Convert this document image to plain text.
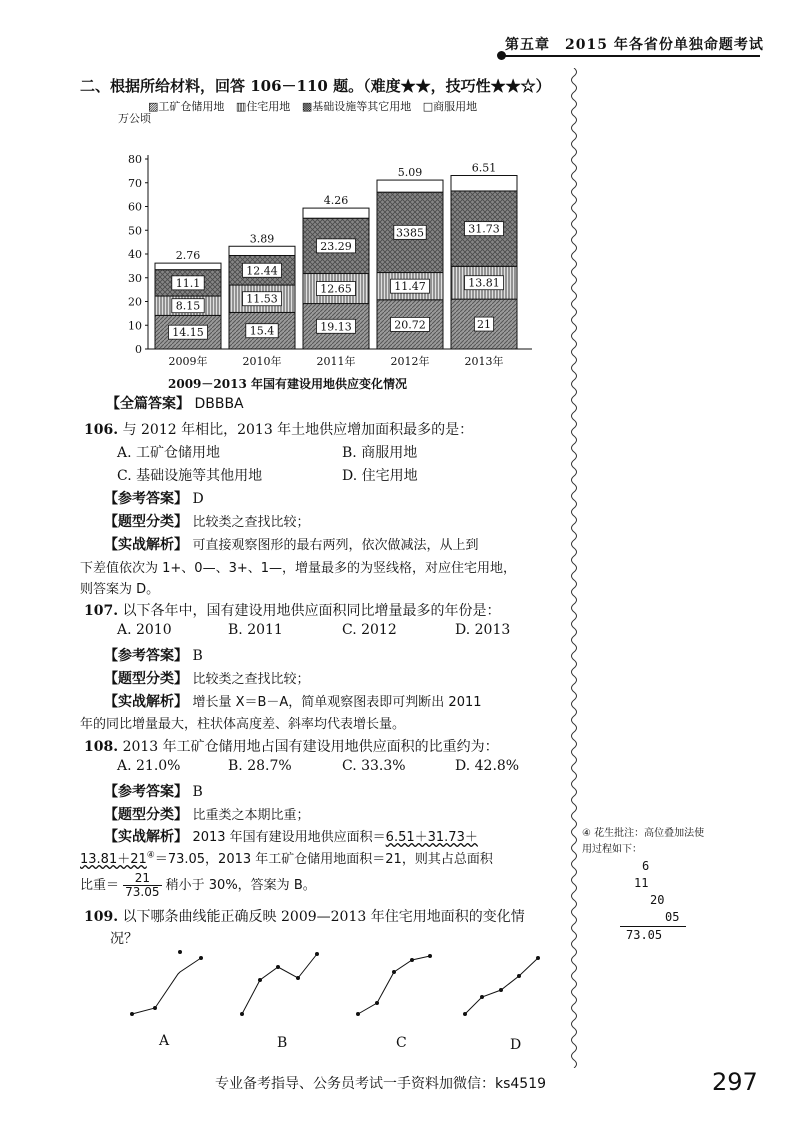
第五章　2015 年各省份单独命题考试
二、根据所给材料，回答 106－110 题。（难度★★，技巧性★★☆）
▨工矿仓储用地 ▥住宅用地 ▩基础设施等其它用地 □商服用地
万公顷
0
10
20
30
40
50
60
70
80
14.15
8.15
11.1
2.76
2009年
15.4
11.53
12.44
3.89
2010年
19.13
12.65
23.29
4.26
2011年
20.72
11.47
3385
5.09
2012年
21
13.81
31.73
6.51
2013年
2009－2013 年国有建设用地供应变化情况
【全篇答案】 DBBBA
106. 与 2012 年相比，2013 年土地供应增加面积最多的是：
A. 工矿仓储用地	B. 商服用地
C. 基础设施等其他用地	D. 住宅用地
【参考答案】 D
【题型分类】 比较类之查找比较；
【实战解析】 可直接观察图形的最右两列，依次做减法，从上到
下差值依次为 1+、0—、3+、1—，增量最多的为竖线格，对应住宅用地，
则答案为 D。
107. 以下各年中，国有建设用地供应面积同比增量最多的年份是：
A. 2010	B. 2011	C. 2012	D. 2013
【参考答案】 B
【题型分类】 比较类之查找比较；
【实战解析】 增长量 X＝B－A，简单观察图表即可判断出 2011
年的同比增量最大，柱状体高度差、斜率均代表增长量。
108. 2013 年工矿仓储用地占国有建设用地供应面积的比重约为：
A. 21.0%	B. 28.7%	C. 33.3%	D. 42.8%
【参考答案】 B
【题型分类】 比重类之本期比重；
【实战解析】 2013 年国有建设用地供应面积＝6.51＋31.73＋
13.81＋21④＝73.05，2013 年工矿仓储用地面积＝21，则其占总面积
比重＝ $\frac{21}{73.05}$ 稍小于 30%，答案为 B。
④ 花生批注：高位叠加法使
用过程如下：
6
11
20
05
73.05
109. 以下哪条曲线能正确反映 2009—2013 年住宅用地面积的变化情
况？
A	B	C	D
专业备考指导、公务员考试一手资料加微信：ks4519	297
